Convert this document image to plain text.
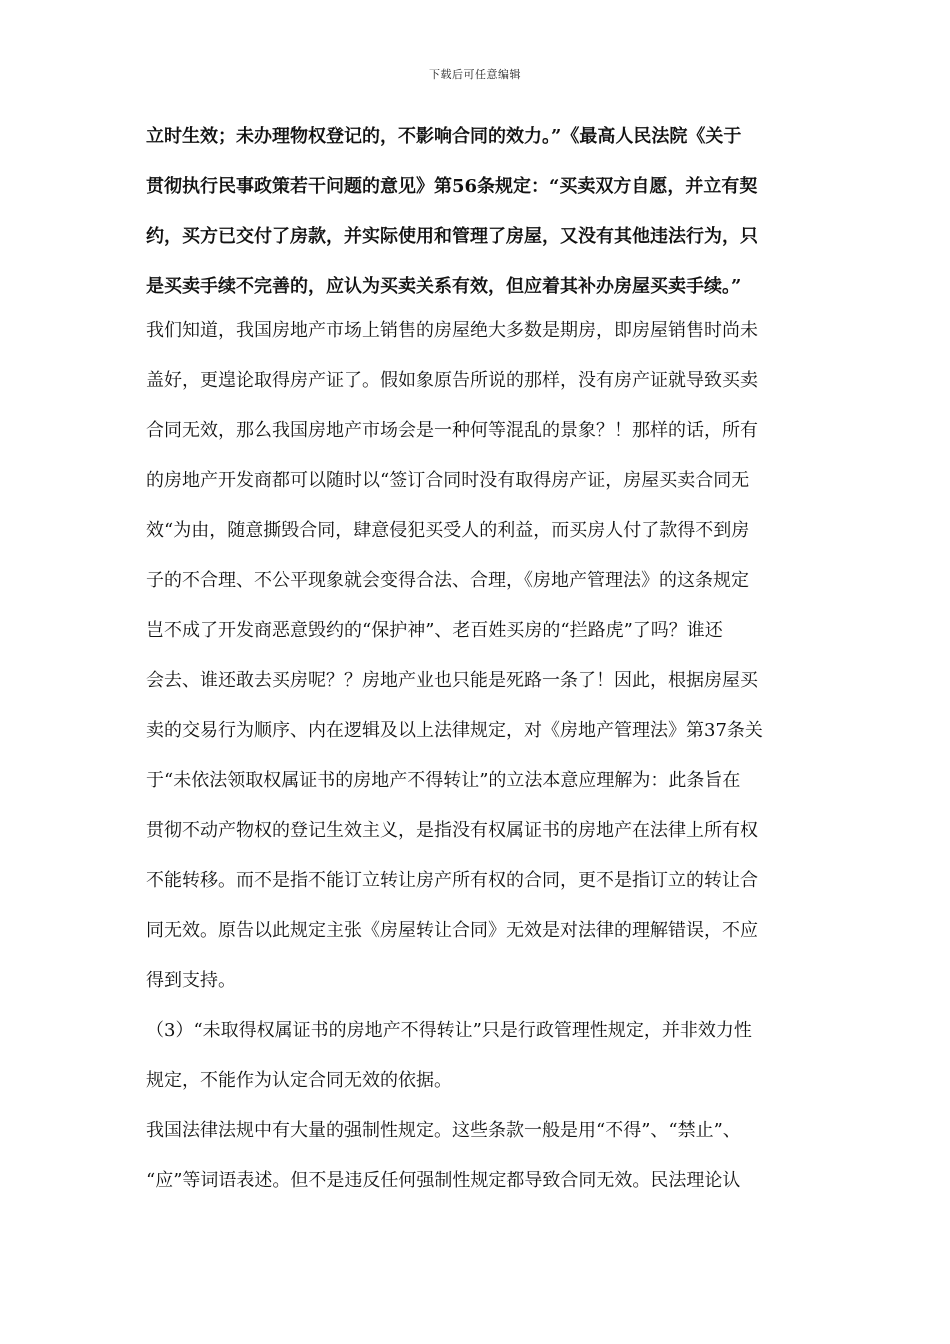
下载后可任意编辑
立时生效；未办理物权登记的，不影响合同的效力。”《最高人民法院《关于
贯彻执行民事政策若干问题的意见》第56条规定：“买卖双方自愿，并立有契
约，买方已交付了房款，并实际使用和管理了房屋，又没有其他违法行为，只
是买卖手续不完善的，应认为买卖关系有效，但应着其补办房屋买卖手续。”
我们知道，我国房地产市场上销售的房屋绝大多数是期房，即房屋销售时尚未
盖好，更遑论取得房产证了。假如象原告所说的那样，没有房产证就导致买卖
合同无效，那么我国房地产市场会是一种何等混乱的景象？！那样的话，所有
的房地产开发商都可以随时以“签订合同时没有取得房产证，房屋买卖合同无
效“为由，随意撕毁合同，肆意侵犯买受人的利益，而买房人付了款得不到房
子的不合理、不公平现象就会变得合法、合理，《房地产管理法》的这条规定
岂不成了开发商恶意毁约的“保护神”、老百姓买房的“拦路虎”了吗？谁还
会去、谁还敢去买房呢？？房地产业也只能是死路一条了！因此，根据房屋买
卖的交易行为顺序、内在逻辑及以上法律规定，对《房地产管理法》第37条关
于“未依法领取权属证书的房地产不得转让”的立法本意应理解为：此条旨在
贯彻不动产物权的登记生效主义，是指没有权属证书的房地产在法律上所有权
不能转移。而不是指不能订立转让房产所有权的合同，更不是指订立的转让合
同无效。原告以此规定主张《房屋转让合同》无效是对法律的理解错误，不应
得到支持。
（3）“未取得权属证书的房地产不得转让”只是行政管理性规定，并非效力性
规定，不能作为认定合同无效的依据。
我国法律法规中有大量的强制性规定。这些条款一般是用“不得”、“禁止”、
“应”等词语表述。但不是违反任何强制性规定都导致合同无效。民法理论认
